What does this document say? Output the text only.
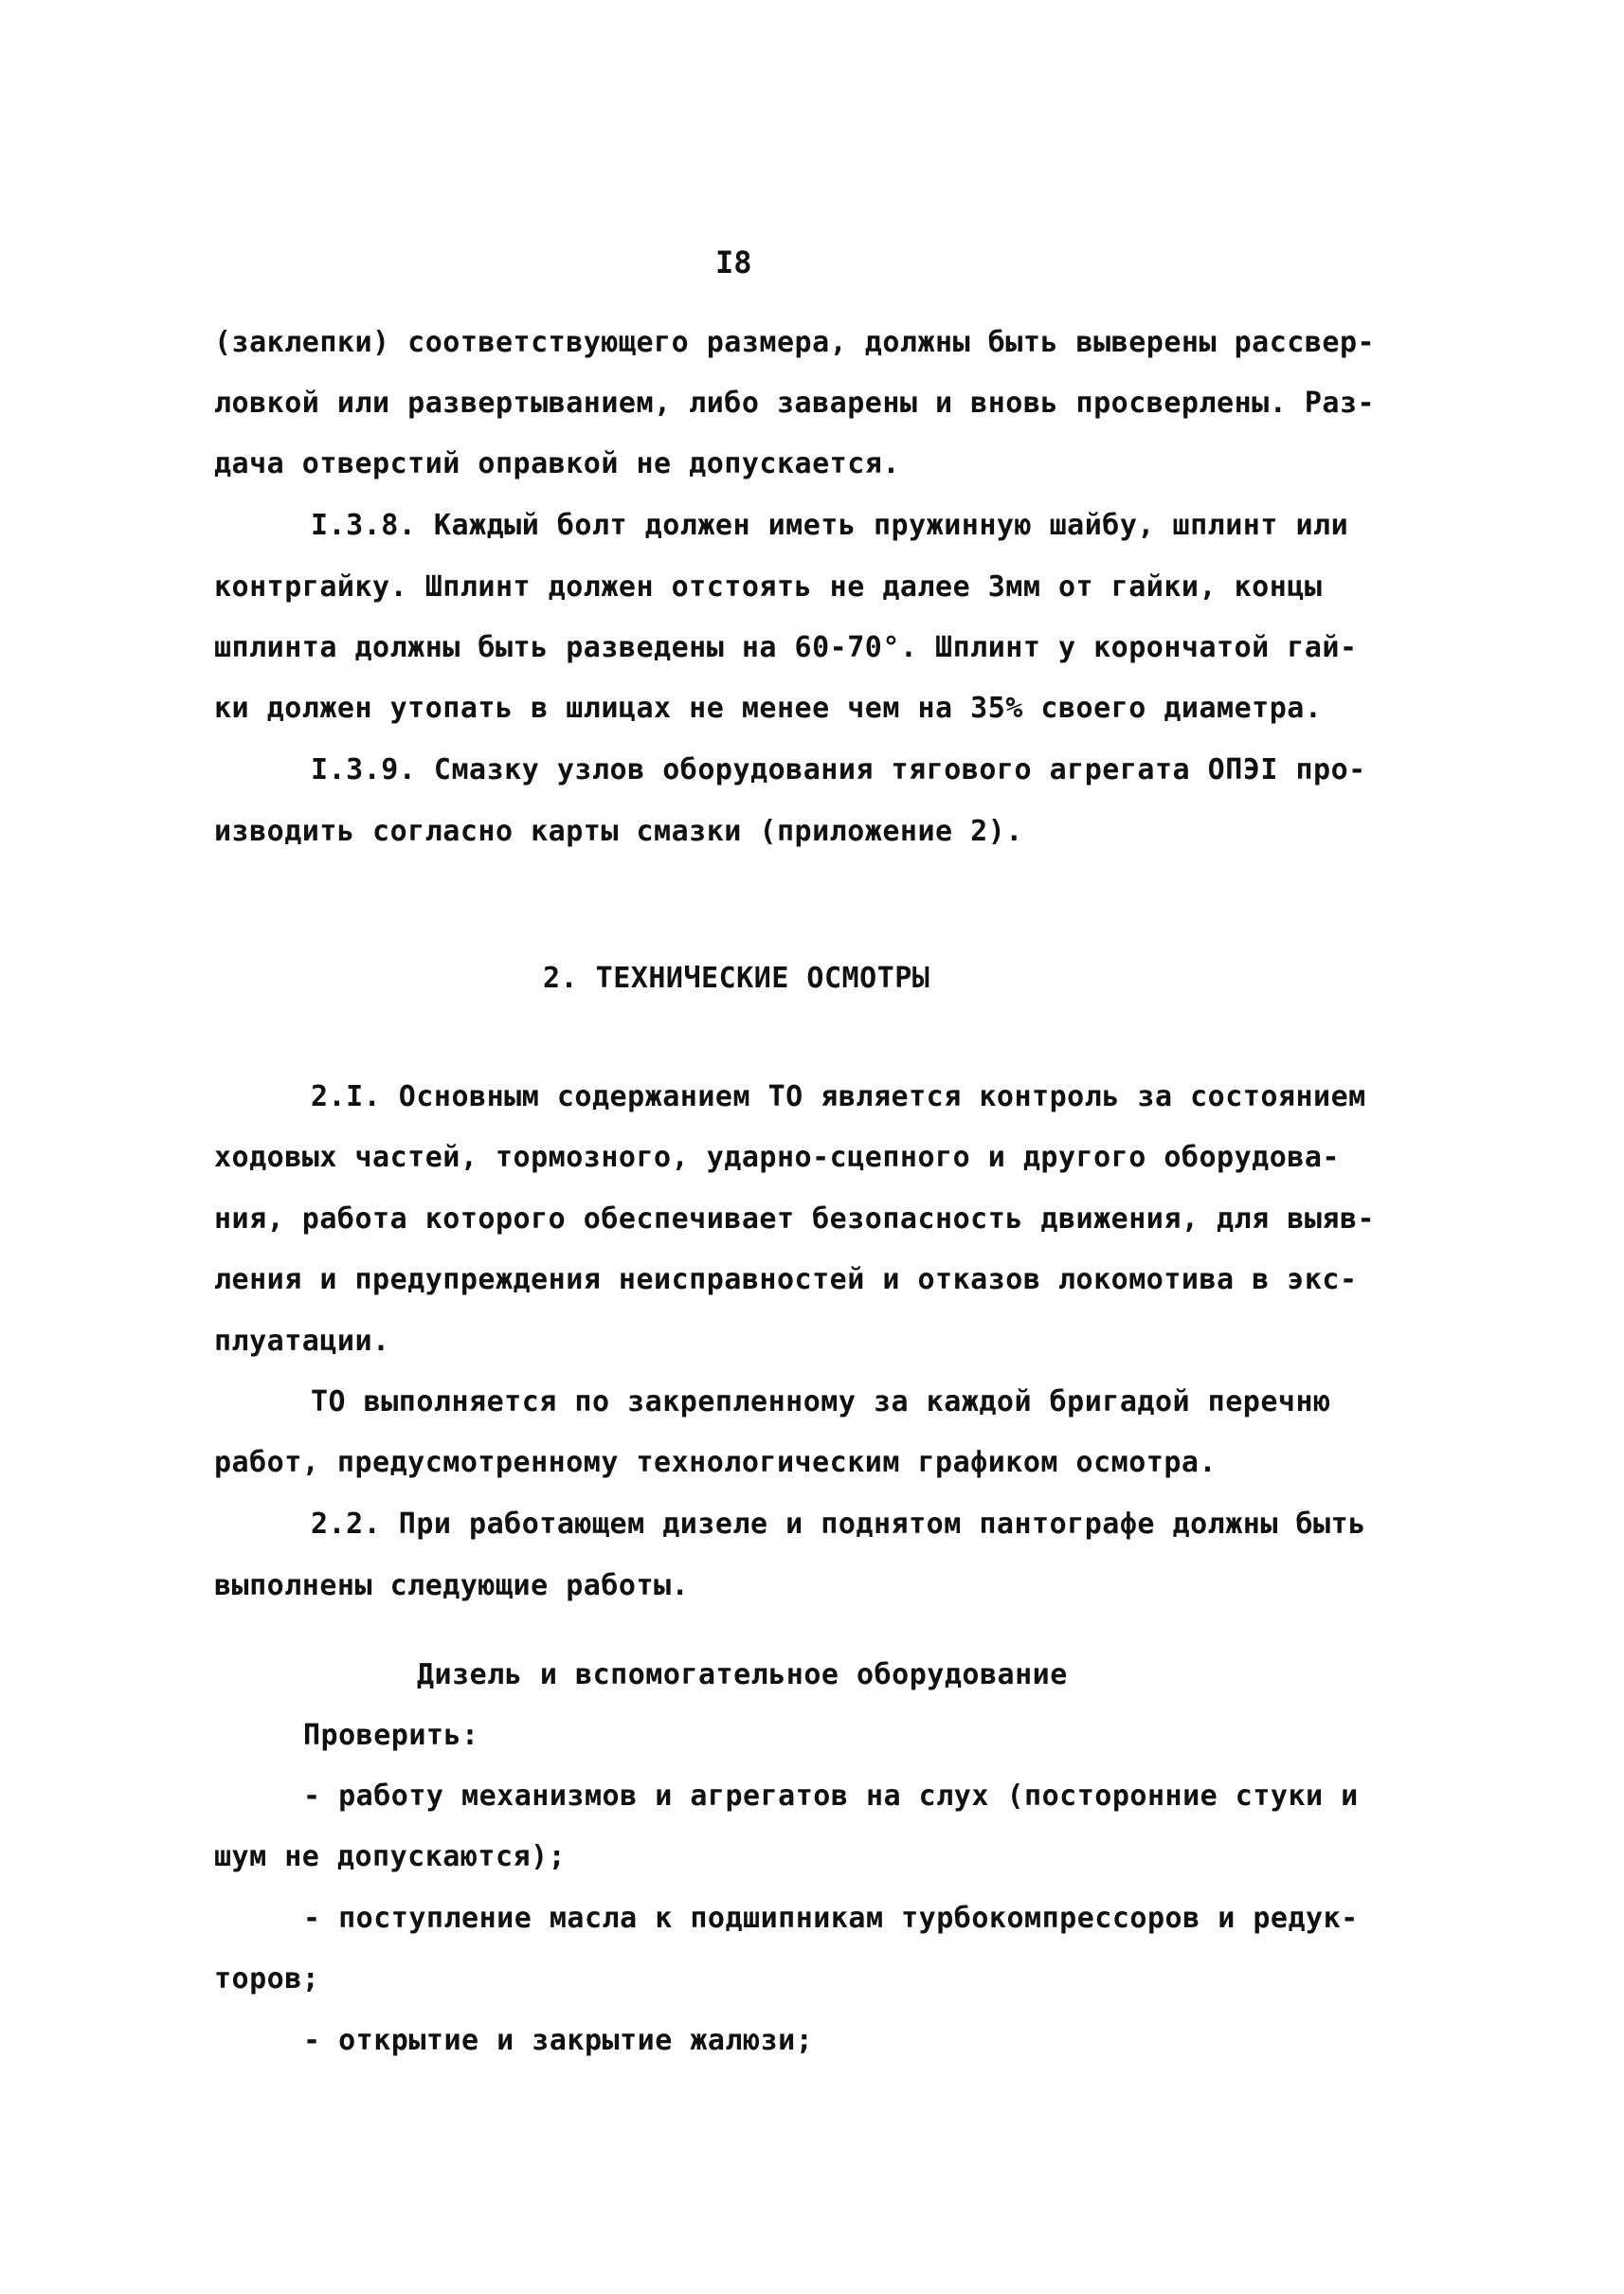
I8
(заклепки) соответствующего размера, должны быть выверены рассвер-
ловкой или развертыванием, либо заварены и вновь просверлены. Раз-
дача отверстий оправкой не допускается.
I.3.8. Каждый болт должен иметь пружинную шайбу, шплинт или
контргайку. Шплинт должен отстоять не далее 3мм от гайки, концы
шплинта должны быть разведены на 60-70°. Шплинт у корончатой гай-
ки должен утопать в шлицах не менее чем на 35% своего диаметра.
I.3.9. Смазку узлов оборудования тягового агрегата ОПЭI про-
изводить согласно карты смазки (приложение 2).
2. ТЕХНИЧЕСКИЕ ОСМОТРЫ
2.I. Основным содержанием ТО является контроль за состоянием
ходовых частей, тормозного, ударно-сцепного и другого оборудова-
ния, работа которого обеспечивает безопасность движения, для выяв-
ления и предупреждения неисправностей и отказов локомотива в экс-
плуатации.
ТО выполняется по закрепленному за каждой бригадой перечню
работ, предусмотренному технологическим графиком осмотра.
2.2. При работающем дизеле и поднятом пантографе должны быть
выполнены следующие работы.
Дизель и вспомогательное оборудование
Проверить:
- работу механизмов и агрегатов на слух (посторонние стуки и
шум не допускаются);
- поступление масла к подшипникам турбокомпрессоров и редук-
торов;
- открытие и закрытие жалюзи;
